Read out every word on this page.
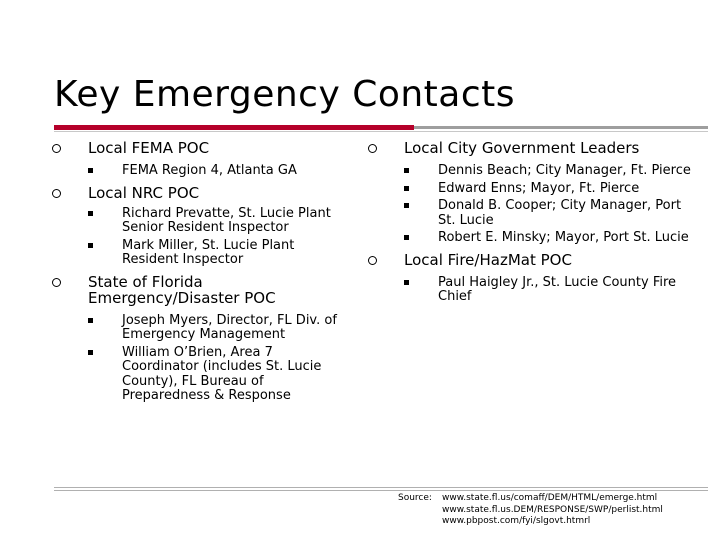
Key Emergency Contacts
Local FEMA POC
FEMA Region 4, Atlanta GA
Local NRC POC
Richard Prevatte, St. Lucie Plant Senior Resident Inspector
Mark Miller, St. Lucie Plant Resident Inspector
State of Florida Emergency/Disaster POC
Joseph Myers, Director, FL Div. of Emergency Management
William O’Brien, Area 7 Coordinator (includes St. Lucie County), FL Bureau of Preparedness & Response
Local City Government Leaders
Dennis Beach; City Manager, Ft. Pierce
Edward Enns; Mayor, Ft. Pierce
Donald B. Cooper; City Manager, Port St. Lucie
Robert E. Minsky; Mayor, Port St. Lucie
Local Fire/HazMat POC
Paul Haigley Jr., St. Lucie County Fire Chief
Source: www.state.fl.us/comaff/DEM/HTML/emerge.html
www.state.fl.us.DEM/RESPONSE/SWP/perlist.html
www.pbpost.com/fyi/slgovt.htmrl
